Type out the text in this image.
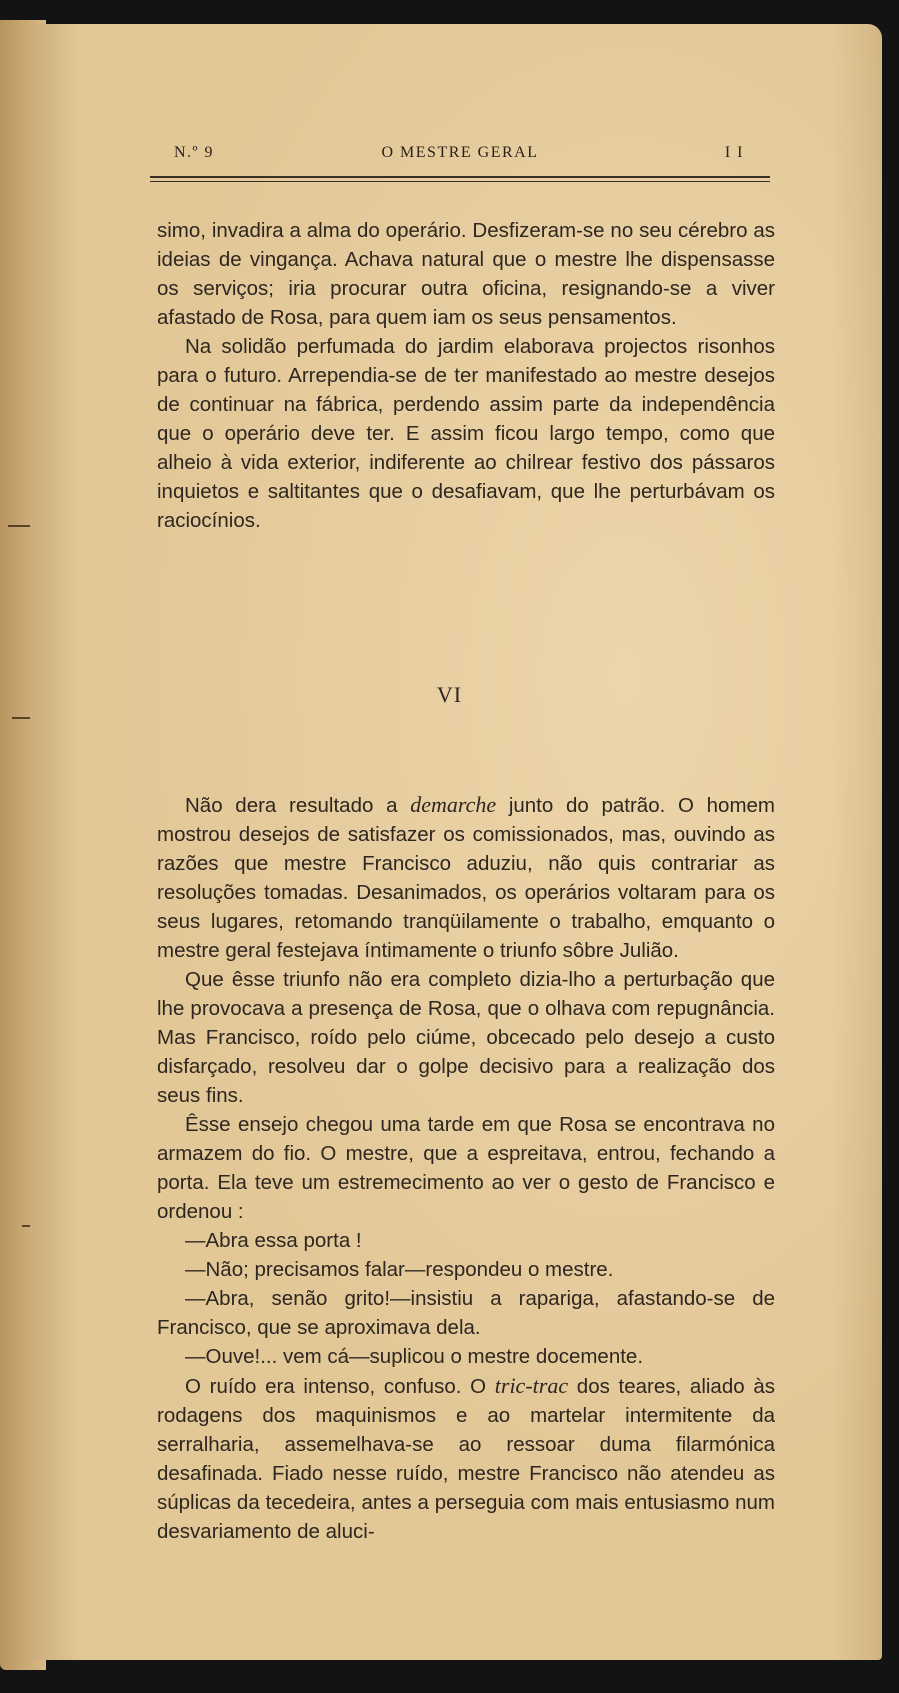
N.º 9	O MESTRE GERAL	I I

simo, invadira a alma do operário. Desfizeram-se no seu cérebro as ideias de vingança. Achava natural que o mestre lhe dispensasse os serviços; iria procurar outra oficina, resignando-se a viver afastado de Rosa, para quem iam os seus pensamentos.

Na solidão perfumada do jardim elaborava projectos risonhos para o futuro. Arrependia-se de ter manifestado ao mestre desejos de continuar na fábrica, perdendo assim parte da independência que o operário deve ter. E assim ficou largo tempo, como que alheio à vida exterior, indiferente ao chilrear festivo dos pássaros inquietos e saltitantes que o desafiavam, que lhe perturbávam os raciocínios.

VI

Não dera resultado a demarche junto do patrão. O homem mostrou desejos de satisfazer os comissionados, mas, ouvindo as razões que mestre Francisco aduziu, não quis contrariar as resoluções tomadas. Desanimados, os operários voltaram para os seus lugares, retomando tranqüilamente o trabalho, emquanto o mestre geral festejava íntimamente o triunfo sôbre Julião.

Que êsse triunfo não era completo dizia-lho a perturbação que lhe provocava a presença de Rosa, que o olhava com repugnância. Mas Francisco, roído pelo ciúme, obcecado pelo desejo a custo disfarçado, resolveu dar o golpe decisivo para a realização dos seus fins.

Êsse ensejo chegou uma tarde em que Rosa se encontrava no armazem do fio. O mestre, que a espreitava, entrou, fechando a porta. Ela teve um estremecimento ao ver o gesto de Francisco e ordenou :

—Abra essa porta !

—Não; precisamos falar—respondeu o mestre.

—Abra, senão grito!—insistiu a rapariga, afastando-se de Francisco, que se aproximava dela.

—Ouve!... vem cá—suplicou o mestre docemente.

O ruído era intenso, confuso. O tric-trac dos teares, aliado às rodagens dos maquinismos e ao martelar intermitente da serralharia, assemelhava-se ao ressoar duma filarmónica desafinada. Fiado nesse ruído, mestre Francisco não atendeu as súplicas da tecedeira, antes a perseguia com mais entusiasmo num desvariamento de aluci-
